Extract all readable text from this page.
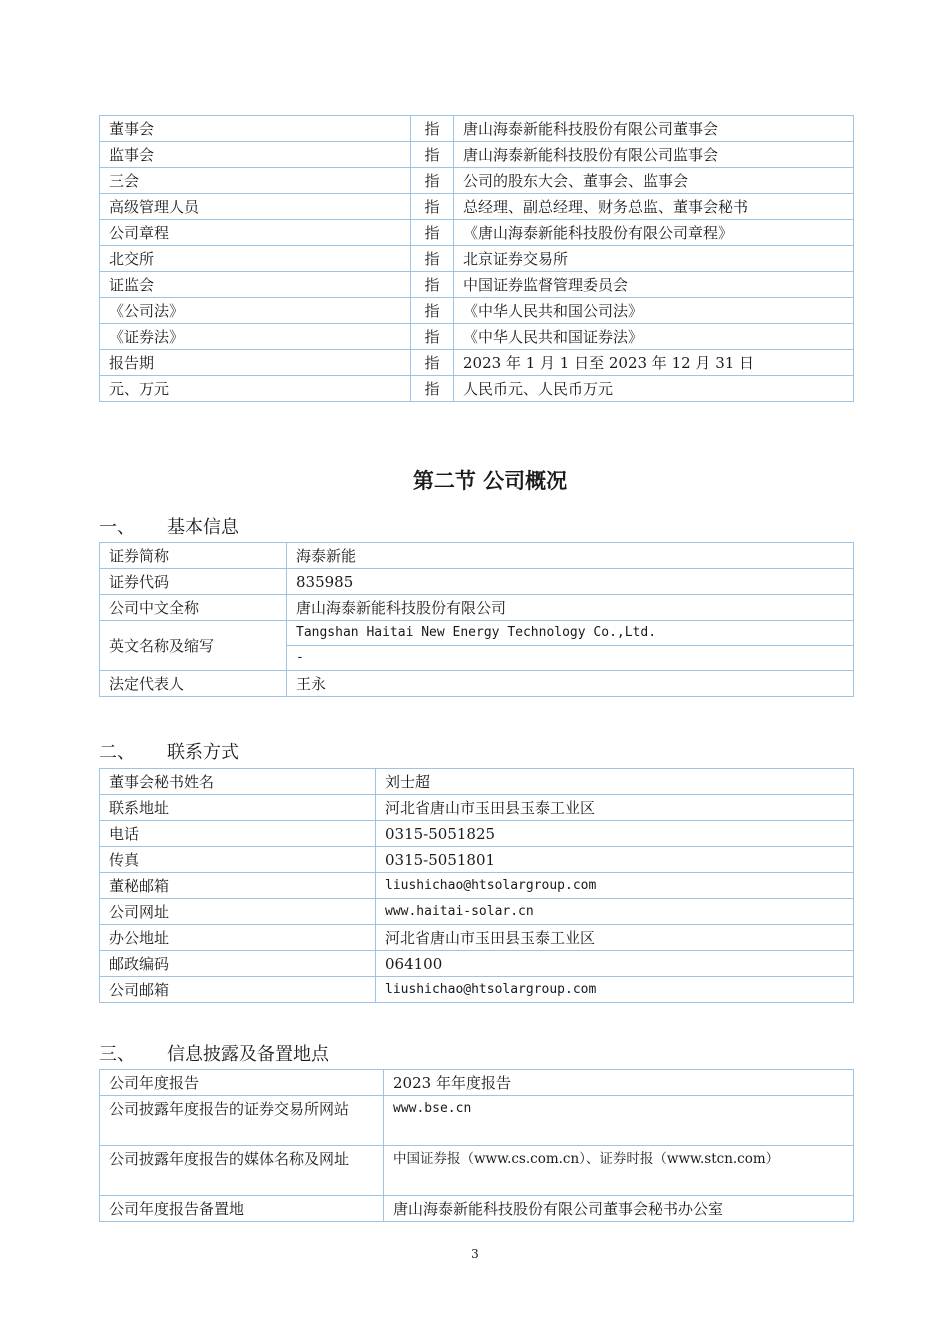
董事会	指	唐山海泰新能科技股份有限公司董事会
监事会	指	唐山海泰新能科技股份有限公司监事会
三会	指	公司的股东大会、董事会、监事会
高级管理人员	指	总经理、副总经理、财务总监、董事会秘书
公司章程	指	《唐山海泰新能科技股份有限公司章程》
北交所	指	北京证券交易所
证监会	指	中国证券监督管理委员会
《公司法》	指	《中华人民共和国公司法》
《证券法》	指	《中华人民共和国证券法》
报告期	指	2023 年 1 月 1 日至 2023 年 12 月 31 日
元、万元	指	人民币元、人民币万元
第二节 公司概况
一、 基本信息
证券简称	海泰新能
证券代码	835985
公司中文全称	唐山海泰新能科技股份有限公司
英文名称及缩写	Tangshan Haitai New Energy Technology Co.,Ltd.
	-
法定代表人	王永
二、 联系方式
董事会秘书姓名	刘士超
联系地址	河北省唐山市玉田县玉泰工业区
电话	0315-5051825
传真	0315-5051801
董秘邮箱	liushichao@htsolargroup.com
公司网址	www.haitai-solar.cn
办公地址	河北省唐山市玉田县玉泰工业区
邮政编码	064100
公司邮箱	liushichao@htsolargroup.com
三、 信息披露及备置地点
公司年度报告	2023 年年度报告
公司披露年度报告的证券交易所网站	www.bse.cn
公司披露年度报告的媒体名称及网址	中国证券报（www.cs.com.cn）、证券时报（www.stcn.com）
公司年度报告备置地	唐山海泰新能科技股份有限公司董事会秘书办公室
3
